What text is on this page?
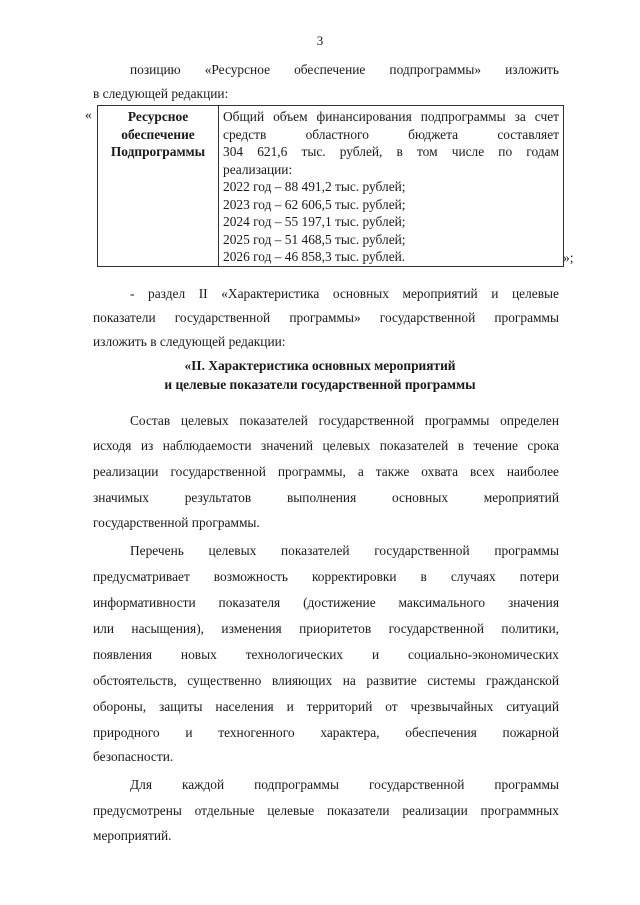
3
позицию «Ресурсное обеспечение подпрограммы» изложить
в следующей редакции:
«	Ресурсное
обеспечение
Подпрограммы

Общий объем финансирования подпрограммы за счет
средств областного бюджета составляет
304 621,6 тыс. рублей, в том числе по годам
реализации:
2022 год – 88 491,2 тыс. рублей;
2023 год – 62 606,5 тыс. рублей;
2024 год – 55 197,1 тыс. рублей;
2025 год – 51 468,5 тыс. рублей;
2026 год – 46 858,3 тыс. рублей.	»;
- раздел II «Характеристика основных мероприятий и целевые
показатели государственной программы» государственной программы
изложить в следующей редакции:
«II. Характеристика основных мероприятий
и целевые показатели государственной программы
Состав целевых показателей государственной программы определен
исходя из наблюдаемости значений целевых показателей в течение срока
реализации государственной программы, а также охвата всех наиболее
значимых результатов выполнения основных мероприятий
государственной программы.
Перечень целевых показателей государственной программы
предусматривает возможность корректировки в случаях потери
информативности показателя (достижение максимального значения
или насыщения), изменения приоритетов государственной политики,
появления новых технологических и социально-экономических
обстоятельств, существенно влияющих на развитие системы гражданской
обороны, защиты населения и территорий от чрезвычайных ситуаций
природного и техногенного характера, обеспечения пожарной
безопасности.
Для каждой подпрограммы государственной программы
предусмотрены отдельные целевые показатели реализации программных
мероприятий.
